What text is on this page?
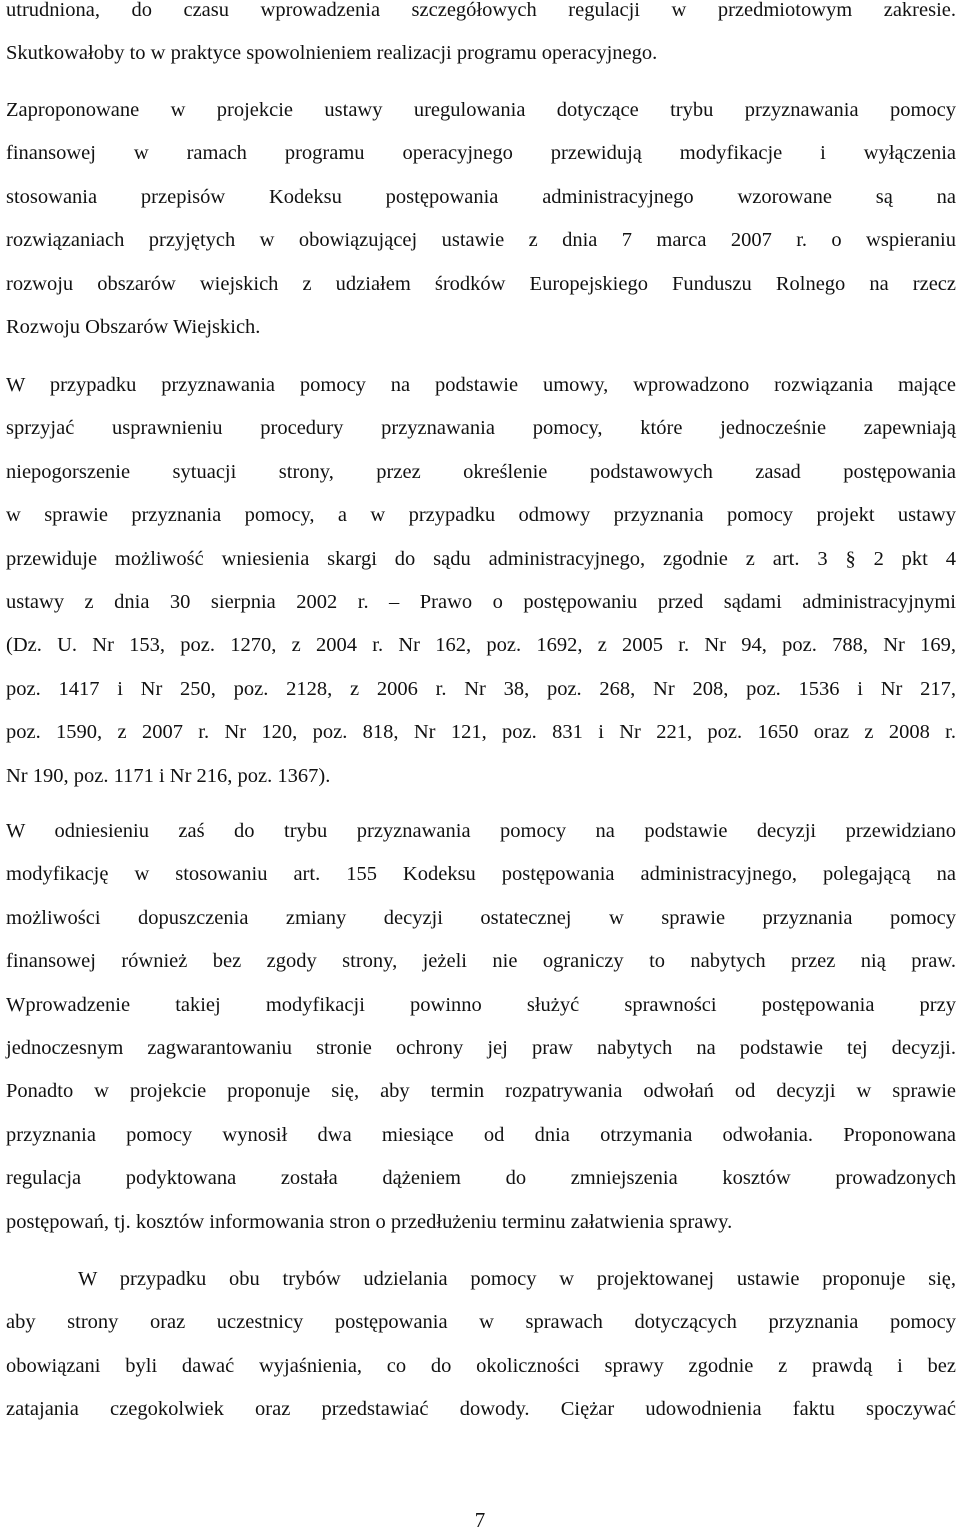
utrudniona, do czasu wprowadzenia szczegółowych regulacji w przedmiotowym zakresie.
Skutkowałoby to w praktyce spowolnieniem realizacji programu operacyjnego.

Zaproponowane w projekcie ustawy uregulowania dotyczące trybu przyznawania pomocy
finansowej w ramach programu operacyjnego przewidują modyfikacje i wyłączenia
stosowania przepisów Kodeksu postępowania administracyjnego wzorowane są na
rozwiązaniach przyjętych w obowiązującej ustawie z dnia 7 marca 2007 r. o wspieraniu
rozwoju obszarów wiejskich z udziałem środków Europejskiego Funduszu Rolnego na rzecz
Rozwoju Obszarów Wiejskich.

W przypadku przyznawania pomocy na podstawie umowy, wprowadzono rozwiązania mające
sprzyjać usprawnieniu procedury przyznawania pomocy, które jednocześnie zapewniają
niepogorszenie sytuacji strony, przez określenie podstawowych zasad postępowania
w sprawie przyznania pomocy, a w przypadku odmowy przyznania pomocy projekt ustawy
przewiduje możliwość wniesienia skargi do sądu administracyjnego, zgodnie z art. 3 § 2 pkt 4
ustawy z dnia 30 sierpnia 2002 r. – Prawo o postępowaniu przed sądami administracyjnymi
(Dz. U. Nr 153, poz. 1270, z 2004 r. Nr 162, poz. 1692, z 2005 r. Nr 94, poz. 788, Nr 169,
poz. 1417 i Nr 250, poz. 2128, z 2006 r. Nr 38, poz. 268, Nr 208, poz. 1536 i Nr 217,
poz. 1590, z 2007 r. Nr 120, poz. 818, Nr 121, poz. 831 i Nr 221, poz. 1650 oraz z 2008 r.
Nr 190, poz. 1171 i Nr 216, poz. 1367).

W odniesieniu zaś do trybu przyznawania pomocy na podstawie decyzji przewidziano
modyfikację w stosowaniu art. 155 Kodeksu postępowania administracyjnego, polegającą na
możliwości dopuszczenia zmiany decyzji ostatecznej w sprawie przyznania pomocy
finansowej również bez zgody strony, jeżeli nie ograniczy to nabytych przez nią praw.
Wprowadzenie takiej modyfikacji powinno służyć sprawności postępowania przy
jednoczesnym zagwarantowaniu stronie ochrony jej praw nabytych na podstawie tej decyzji.
Ponadto w projekcie proponuje się, aby termin rozpatrywania odwołań od decyzji w sprawie
przyznania pomocy wynosił dwa miesiące od dnia otrzymania odwołania. Proponowana
regulacja podyktowana została dążeniem do zmniejszenia kosztów prowadzonych
postępowań, tj. kosztów informowania stron o przedłużeniu terminu załatwienia sprawy.

W przypadku obu trybów udzielania pomocy w projektowanej ustawie proponuje się,
aby strony oraz uczestnicy postępowania w sprawach dotyczących przyznania pomocy
obowiązani byli dawać wyjaśnienia, co do okoliczności sprawy zgodnie z prawdą i bez
zatajania czegokolwiek oraz przedstawiać dowody. Ciężar udowodnienia faktu spoczywać

7
